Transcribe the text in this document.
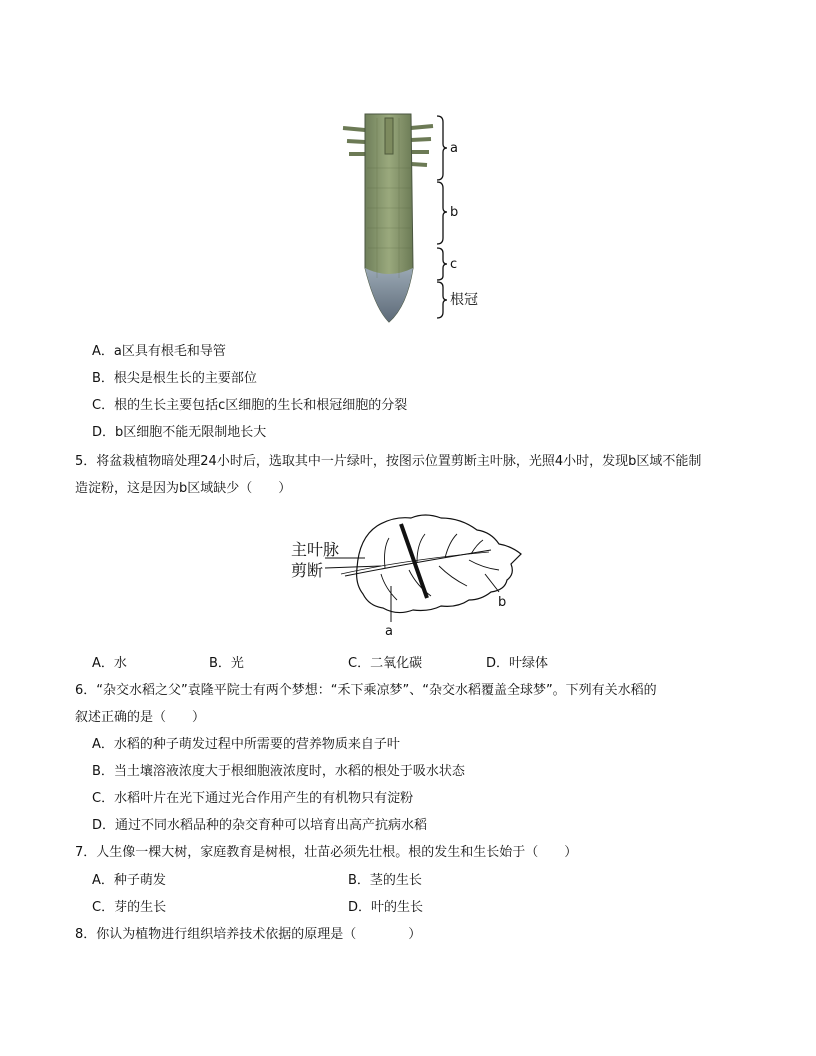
a
b
c
根冠
A．a区具有根毛和导管
B．根尖是根生长的主要部位
C．根的生长主要包括c区细胞的生长和根冠细胞的分裂
D．b区细胞不能无限制地长大
5．将盆栽植物暗处理24小时后，选取其中一片绿叶，按图示位置剪断主叶脉，光照4小时，发现b区域不能制
造淀粉，这是因为b区域缺少（　　）
主叶脉
剪断
a
b
A．水	B．光	C．二氧化碳	D．叶绿体
6．“杂交水稻之父”袁隆平院士有两个梦想：“禾下乘凉梦”、“杂交水稻覆盖全球梦”。下列有关水稻的
叙述正确的是（　　）
A．水稻的种子萌发过程中所需要的营养物质来自子叶
B．当土壤溶液浓度大于根细胞液浓度时，水稻的根处于吸水状态
C．水稻叶片在光下通过光合作用产生的有机物只有淀粉
D．通过不同水稻品种的杂交育种可以培育出高产抗病水稻
7．人生像一棵大树，家庭教育是树根，壮苗必须先壮根。根的发生和生长始于（　　）
A．种子萌发	B．茎的生长
C．芽的生长	D．叶的生长
8．你认为植物进行组织培养技术依据的原理是（　　　　）
